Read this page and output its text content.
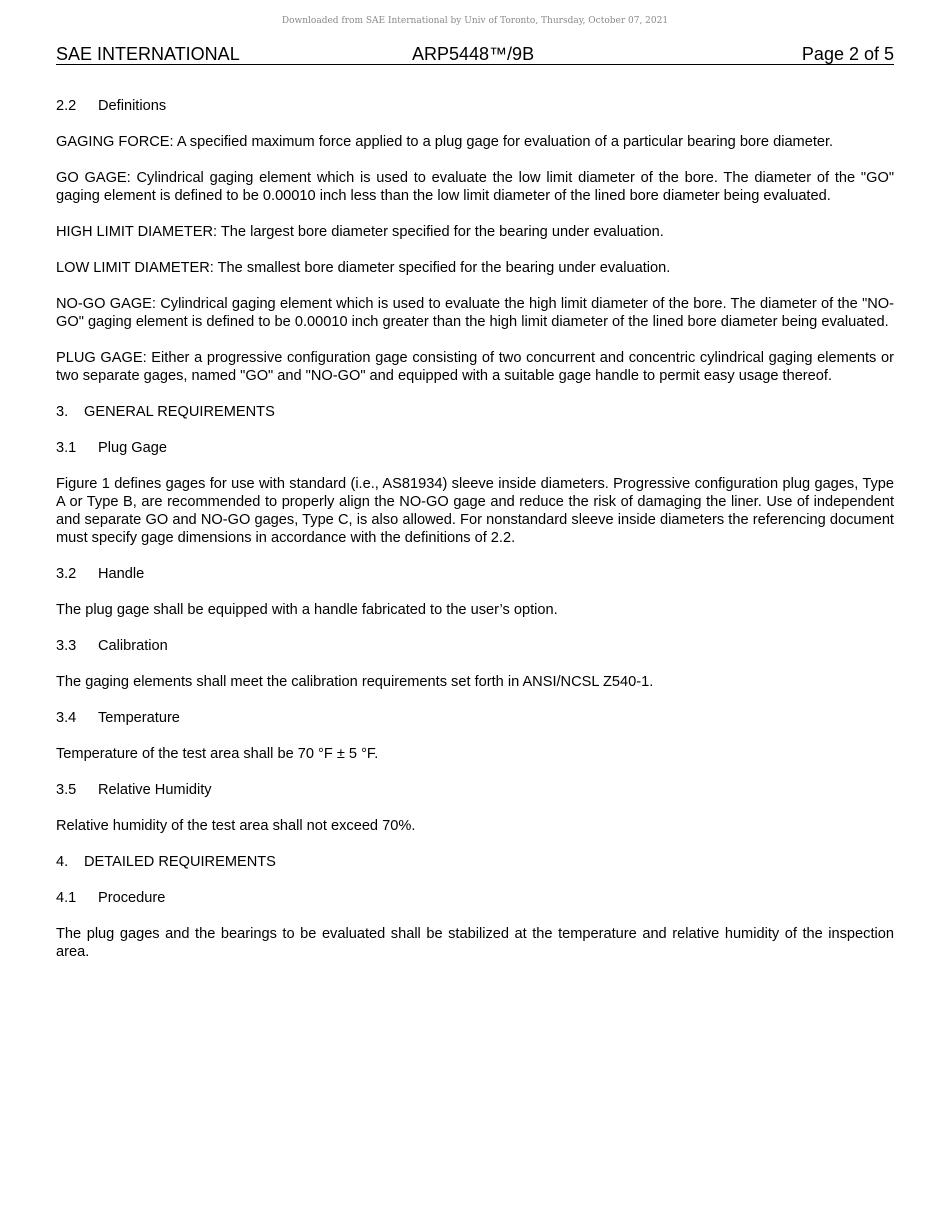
Downloaded from SAE International by Univ of Toronto, Thursday, October 07, 2021
SAE INTERNATIONAL	ARP5448™/9B	Page 2 of 5
2.2 Definitions

GAGING FORCE: A specified maximum force applied to a plug gage for evaluation of a particular bearing bore diameter.

GO GAGE: Cylindrical gaging element which is used to evaluate the low limit diameter of the bore. The diameter of the "GO" gaging element is defined to be 0.00010 inch less than the low limit diameter of the lined bore diameter being evaluated.

HIGH LIMIT DIAMETER: The largest bore diameter specified for the bearing under evaluation.

LOW LIMIT DIAMETER: The smallest bore diameter specified for the bearing under evaluation.

NO-GO GAGE: Cylindrical gaging element which is used to evaluate the high limit diameter of the bore. The diameter of the "NO-GO" gaging element is defined to be 0.00010 inch greater than the high limit diameter of the lined bore diameter being evaluated.

PLUG GAGE: Either a progressive configuration gage consisting of two concurrent and concentric cylindrical gaging elements or two separate gages, named "GO" and "NO-GO" and equipped with a suitable gage handle to permit easy usage thereof.

3. GENERAL REQUIREMENTS
3.1 Plug Gage

Figure 1 defines gages for use with standard (i.e., AS81934) sleeve inside diameters. Progressive configuration plug gages, Type A or Type B, are recommended to properly align the NO-GO gage and reduce the risk of damaging the liner. Use of independent and separate GO and NO-GO gages, Type C, is also allowed. For nonstandard sleeve inside diameters the referencing document must specify gage dimensions in accordance with the definitions of 2.2.

3.2 Handle

The plug gage shall be equipped with a handle fabricated to the user’s option.

3.3 Calibration

The gaging elements shall meet the calibration requirements set forth in ANSI/NCSL Z540-1.

3.4 Temperature

Temperature of the test area shall be 70 °F ± 5 °F.

3.5 Relative Humidity

Relative humidity of the test area shall not exceed 70%.

4. DETAILED REQUIREMENTS
4.1 Procedure

The plug gages and the bearings to be evaluated shall be stabilized at the temperature and relative humidity of the inspection area.
